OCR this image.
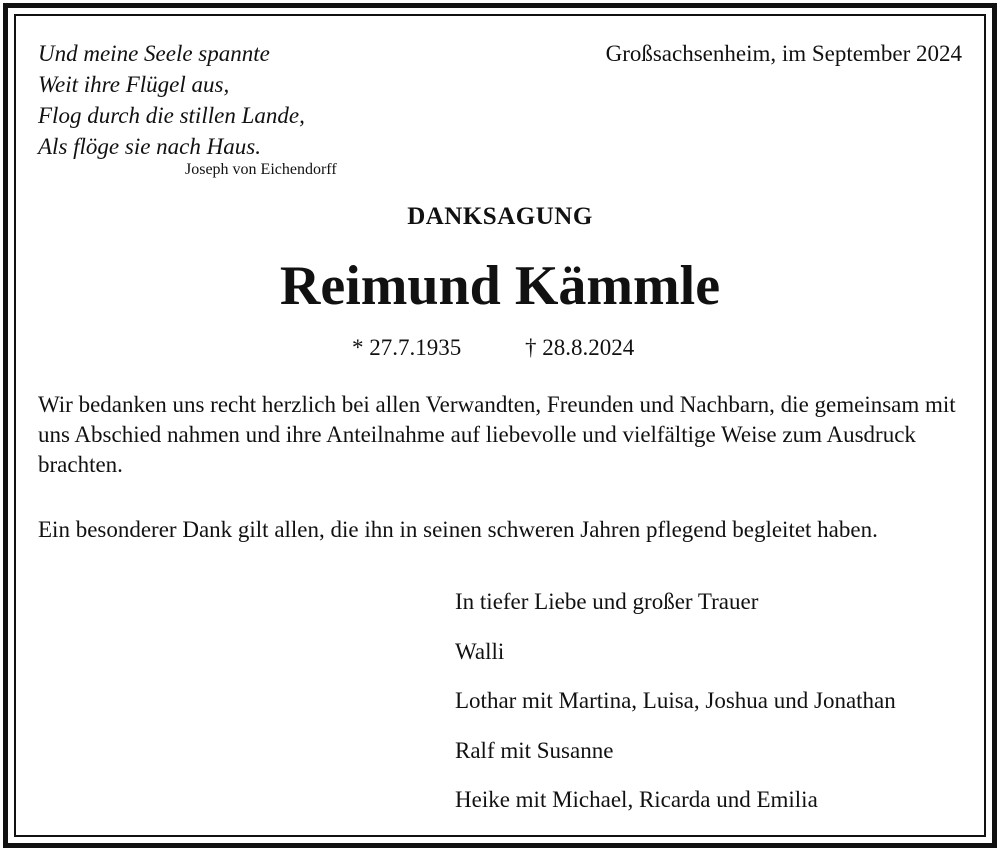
Und meine Seele spannte
Weit ihre Flügel aus,
Flog durch die stillen Lande,
Als flöge sie nach Haus.
Joseph von Eichendorff
Großsachsenheim, im September 2024
DANKSAGUNG
Reimund Kämmle
* 27.7.1935	† 28.8.2024

Wir bedanken uns recht herzlich bei allen Verwandten, Freunden und Nachbarn, die gemeinsam mit uns Abschied nahmen und ihre Anteilnahme auf liebevolle und vielfältige Weise zum Ausdruck brachten.

Ein besonderer Dank gilt allen, die ihn in seinen schweren Jahren pflegend begleitet haben.

In tiefer Liebe und großer Trauer
Walli
Lothar mit Martina, Luisa, Joshua und Jonathan
Ralf mit Susanne
Heike mit Michael, Ricarda und Emilia
